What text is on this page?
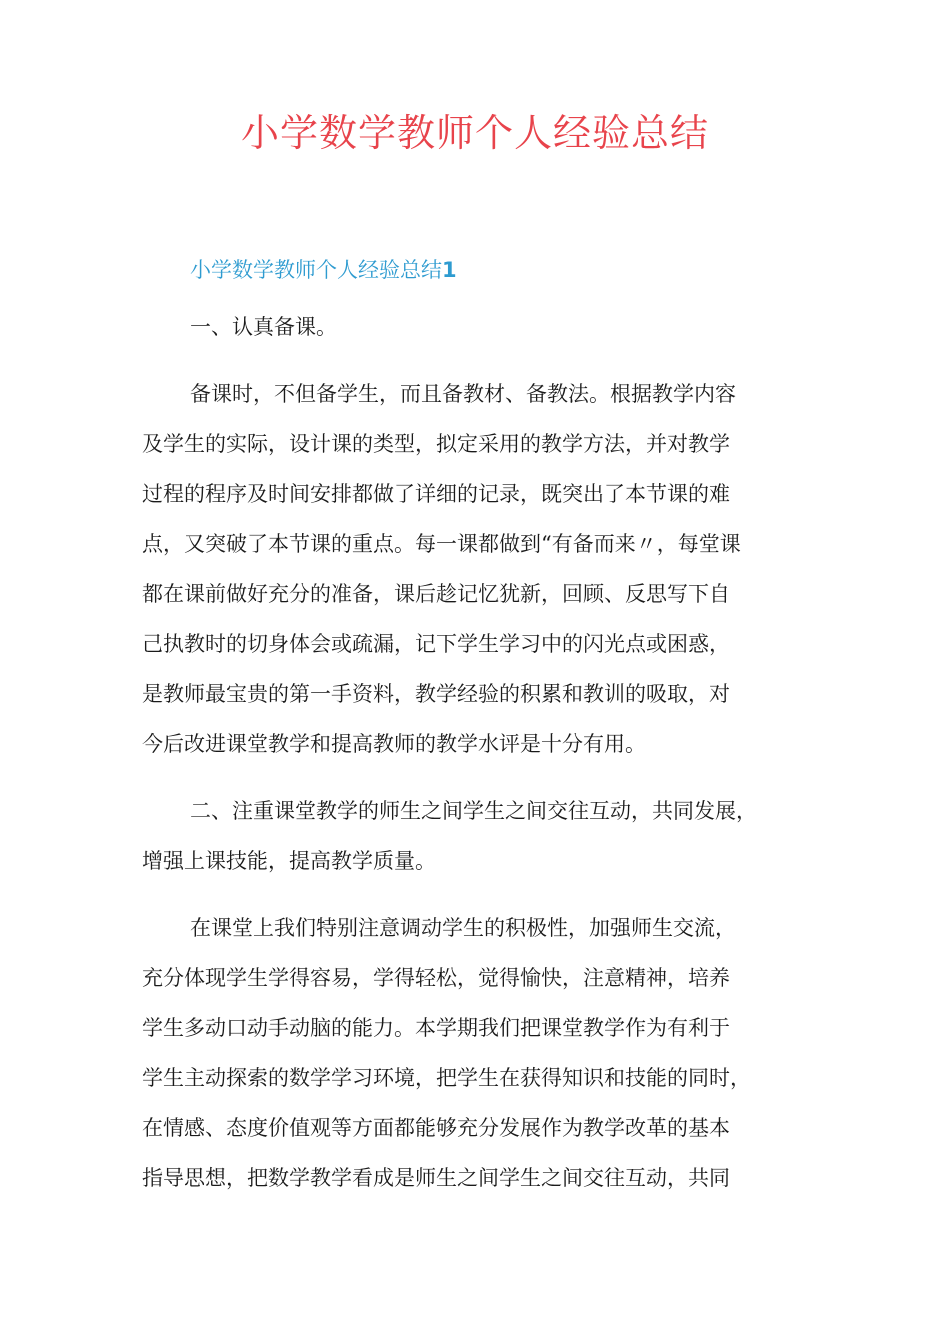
小学数学教师个人经验总结
小学数学教师个人经验总结1

一、认真备课。

备课时，不但备学生，而且备教材、备教法。根据教学内容

及学生的实际，设计课的类型，拟定采用的教学方法，并对教学

过程的程序及时间安排都做了详细的记录，既突出了本节课的难

点，又突破了本节课的重点。每一课都做到“有备而来〃，每堂课

都在课前做好充分的准备，课后趁记忆犹新，回顾、反思写下自

己执教时的切身体会或疏漏，记下学生学习中的闪光点或困惑，

是教师最宝贵的第一手资料，教学经验的积累和教训的吸取，对

今后改进课堂教学和提高教师的教学水评是十分有用。

二、注重课堂教学的师生之间学生之间交往互动，共同发展，

增强上课技能，提高教学质量。

在课堂上我们特别注意调动学生的积极性，加强师生交流，

充分体现学生学得容易，学得轻松，觉得愉快，注意精神，培养

学生多动口动手动脑的能力。本学期我们把课堂教学作为有利于

学生主动探索的数学学习环境，把学生在获得知识和技能的同时，

在情感、态度价值观等方面都能够充分发展作为教学改革的基本

指导思想，把数学教学看成是师生之间学生之间交往互动，共同
